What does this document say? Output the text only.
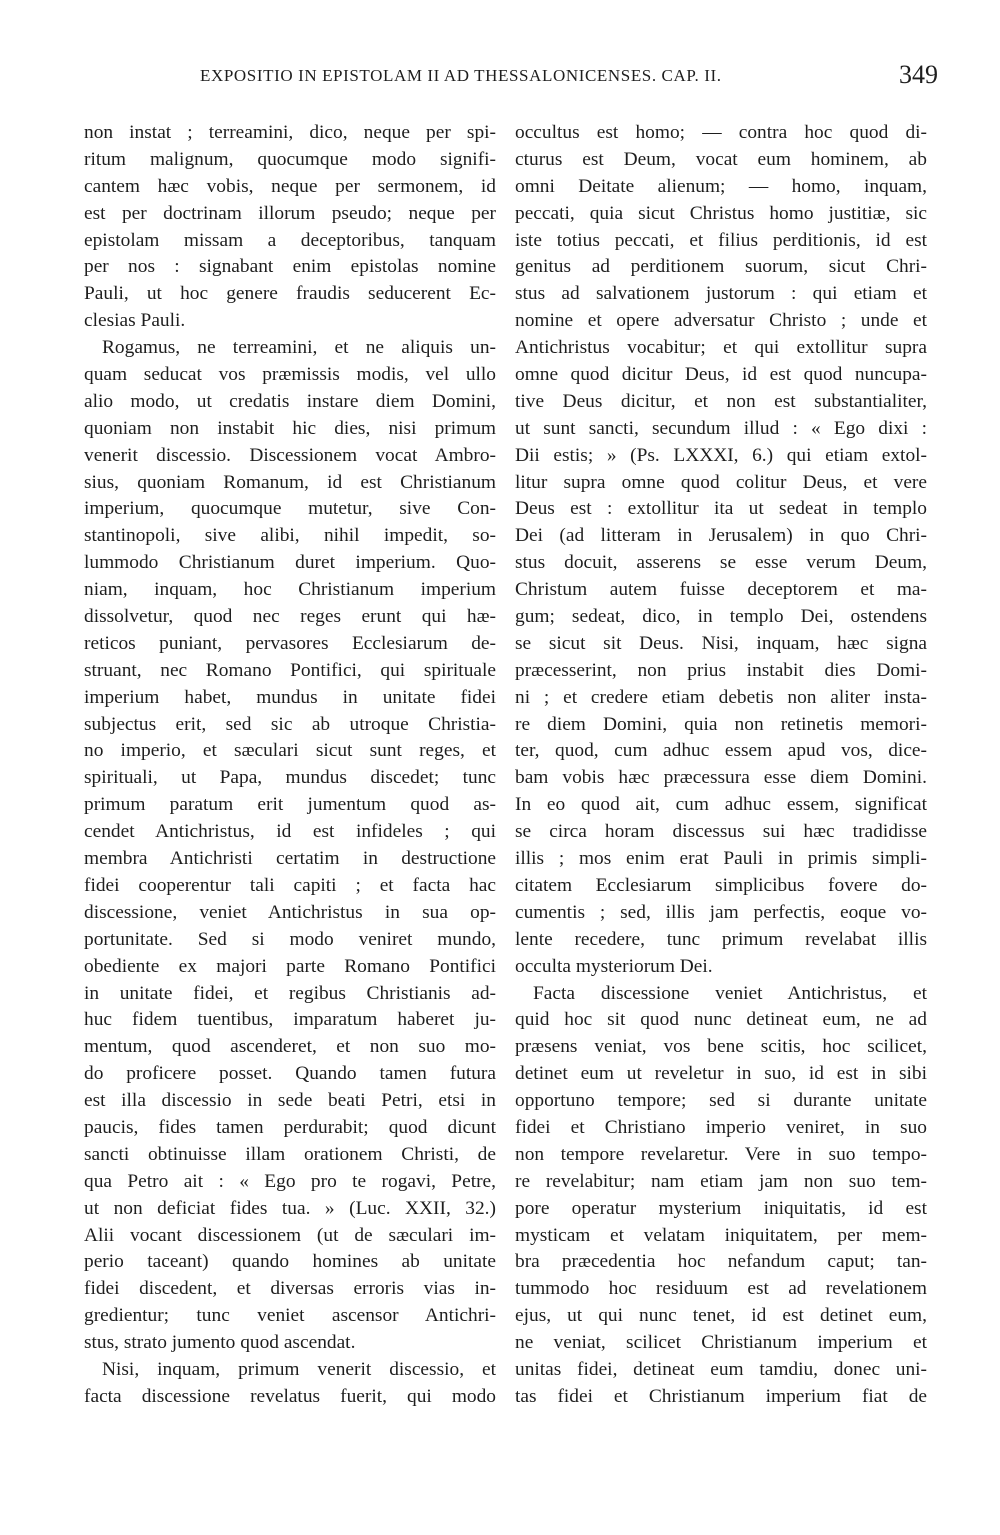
EXPOSITIO IN EPISTOLAM II AD THESSALONICENSES. CAP. II.	349
non instat ; terreamini, dico, neque per spi-
ritum malignum, quocumque modo signifi-
cantem hæc vobis, neque per sermonem, id
est per doctrinam illorum pseudo; neque per
epistolam missam a deceptoribus, tanquam
per nos : signabant enim epistolas nomine
Pauli, ut hoc genere fraudis seducerent Ec-
clesias Pauli.
Rogamus, ne terreamini, et ne aliquis un-
quam seducat vos præmissis modis, vel ullo
alio modo, ut credatis instare diem Domini,
quoniam non instabit hic dies, nisi primum
venerit discessio. Discessionem vocat Ambro-
sius, quoniam Romanum, id est Christianum
imperium, quocumque mutetur, sive Con-
stantinopoli, sive alibi, nihil impedit, so-
lummodo Christianum duret imperium. Quo-
niam, inquam, hoc Christianum imperium
dissolvetur, quod nec reges erunt qui hæ-
reticos puniant, pervasores Ecclesiarum de-
struant, nec Romano Pontifici, qui spirituale
imperium habet, mundus in unitate fidei
subjectus erit, sed sic ab utroque Christia-
no imperio, et sæculari sicut sunt reges, et
spirituali, ut Papa, mundus discedet; tunc
primum paratum erit jumentum quod as-
cendet Antichristus, id est infideles ; qui
membra Antichristi certatim in destructione
fidei cooperentur tali capiti ; et facta hac
discessione, veniet Antichristus in sua op-
portunitate. Sed si modo veniret mundo,
obediente ex majori parte Romano Pontifici
in unitate fidei, et regibus Christianis ad-
huc fidem tuentibus, imparatum haberet ju-
mentum, quod ascenderet, et non suo mo-
do proficere posset. Quando tamen futura
est illa discessio in sede beati Petri, etsi in
paucis, fides tamen perdurabit; quod dicunt
sancti obtinuisse illam orationem Christi, de
qua Petro ait : « Ego pro te rogavi, Petre,
ut non deficiat fides tua. » (Luc. XXII, 32.)
Alii vocant discessionem (ut de sæculari im-
perio taceant) quando homines ab unitate
fidei discedent, et diversas erroris vias in-
gredientur; tunc veniet ascensor Antichri-
stus, strato jumento quod ascendat.
Nisi, inquam, primum venerit discessio, et
facta discessione revelatus fuerit, qui modo
occultus est homo; — contra hoc quod di-
cturus est Deum, vocat eum hominem, ab
omni Deitate alienum; — homo, inquam,
peccati, quia sicut Christus homo justitiæ, sic
iste totius peccati, et filius perditionis, id est
genitus ad perditionem suorum, sicut Chri-
stus ad salvationem justorum : qui etiam et
nomine et opere adversatur Christo ; unde et
Antichristus vocabitur; et qui extollitur supra
omne quod dicitur Deus, id est quod nuncupa-
tive Deus dicitur, et non est substantialiter,
ut sunt sancti, secundum illud : « Ego dixi :
Dii estis; » (Ps. LXXXI, 6.) qui etiam extol-
litur supra omne quod colitur Deus, et vere
Deus est : extollitur ita ut sedeat in templo
Dei (ad litteram in Jerusalem) in quo Chri-
stus docuit, asserens se esse verum Deum,
Christum autem fuisse deceptorem et ma-
gum; sedeat, dico, in templo Dei, ostendens
se sicut sit Deus. Nisi, inquam, hæc signa
præcesserint, non prius instabit dies Domi-
ni ; et credere etiam debetis non aliter insta-
re diem Domini, quia non retinetis memori-
ter, quod, cum adhuc essem apud vos, dice-
bam vobis hæc præcessura esse diem Domini.
In eo quod ait, cum adhuc essem, significat
se circa horam discessus sui hæc tradidisse
illis ; mos enim erat Pauli in primis simpli-
citatem Ecclesiarum simplicibus fovere do-
cumentis ; sed, illis jam perfectis, eoque vo-
lente recedere, tunc primum revelabat illis
occulta mysteriorum Dei.
Facta discessione veniet Antichristus, et
quid hoc sit quod nunc detineat eum, ne ad
præsens veniat, vos bene scitis, hoc scilicet,
detinet eum ut reveletur in suo, id est in sibi
opportuno tempore; sed si durante unitate
fidei et Christiano imperio veniret, in suo
non tempore revelaretur. Vere in suo tempo-
re revelabitur; nam etiam jam non suo tem-
pore operatur mysterium iniquitatis, id est
mysticam et velatam iniquitatem, per mem-
bra præcedentia hoc nefandum caput; tan-
tummodo hoc residuum est ad revelationem
ejus, ut qui nunc tenet, id est detinet eum,
ne veniat, scilicet Christianum imperium et
unitas fidei, detineat eum tamdiu, donec uni-
tas fidei et Christianum imperium fiat de
